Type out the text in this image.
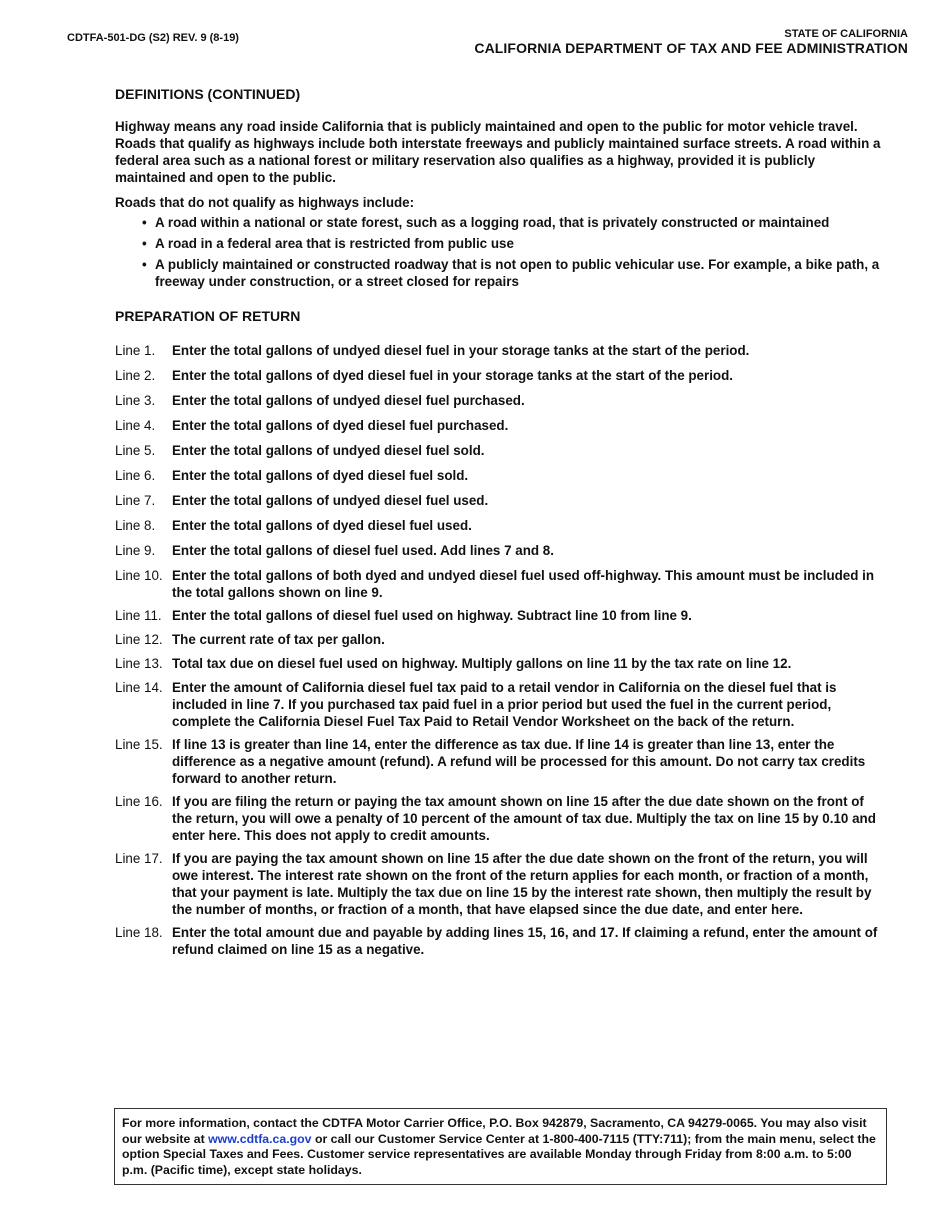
CDTFA-501-DG (S2) REV. 9 (8-19)	STATE OF CALIFORNIA
CALIFORNIA DEPARTMENT OF TAX AND FEE ADMINISTRATION
DEFINITIONS (CONTINUED)

Highway means any road inside California that is publicly maintained and open to the public for motor vehicle travel. Roads that qualify as highways include both interstate freeways and publicly maintained surface streets. A road within a federal area such as a national forest or military reservation also qualifies as a highway, provided it is publicly maintained and open to the public.

Roads that do not qualify as highways include:

• A road within a national or state forest, such as a logging road, that is privately constructed or maintained
• A road in a federal area that is restricted from public use
• A publicly maintained or constructed roadway that is not open to public vehicular use. For example, a bike path, a freeway under construction, or a street closed for repairs
PREPARATION OF RETURN
Line 1.	Enter the total gallons of undyed diesel fuel in your storage tanks at the start of the period.
Line 2.	Enter the total gallons of dyed diesel fuel in your storage tanks at the start of the period.
Line 3.	Enter the total gallons of undyed diesel fuel purchased.
Line 4.	Enter the total gallons of dyed diesel fuel purchased.
Line 5.	Enter the total gallons of undyed diesel fuel sold.
Line 6.	Enter the total gallons of dyed diesel fuel sold.
Line 7.	Enter the total gallons of undyed diesel fuel used.
Line 8.	Enter the total gallons of dyed diesel fuel used.
Line 9.	Enter the total gallons of diesel fuel used. Add lines 7 and 8.
Line 10. Enter the total gallons of both dyed and undyed diesel fuel used off-highway. This amount must be included in the total gallons shown on line 9.
Line 11. Enter the total gallons of diesel fuel used on highway. Subtract line 10 from line 9.
Line 12. The current rate of tax per gallon.
Line 13. Total tax due on diesel fuel used on highway. Multiply gallons on line 11 by the tax rate on line 12.
Line 14. Enter the amount of California diesel fuel tax paid to a retail vendor in California on the diesel fuel that is included in line 7. If you purchased tax paid fuel in a prior period but used the fuel in the current period, complete the California Diesel Fuel Tax Paid to Retail Vendor Worksheet on the back of the return.
Line 15. If line 13 is greater than line 14, enter the difference as tax due. If line 14 is greater than line 13, enter the difference as a negative amount (refund). A refund will be processed for this amount. Do not carry tax credits forward to another return.
Line 16. If you are filing the return or paying the tax amount shown on line 15 after the due date shown on the front of the return, you will owe a penalty of 10 percent of the amount of tax due. Multiply the tax on line 15 by 0.10 and enter here. This does not apply to credit amounts.
Line 17. If you are paying the tax amount shown on line 15 after the due date shown on the front of the return, you will owe interest. The interest rate shown on the front of the return applies for each month, or fraction of a month, that your payment is late. Multiply the tax due on line 15 by the interest rate shown, then multiply the result by the number of months, or fraction of a month, that have elapsed since the due date, and enter here.
Line 18. Enter the total amount due and payable by adding lines 15, 16, and 17. If claiming a refund, enter the amount of refund claimed on line 15 as a negative.

For more information, contact the CDTFA Motor Carrier Office, P.O. Box 942879, Sacramento, CA 94279-0065. You may also visit our website at www.cdtfa.ca.gov or call our Customer Service Center at 1-800-400-7115 (TTY:711); from the main menu, select the option Special Taxes and Fees. Customer service representatives are available Monday through Friday from 8:00 a.m. to 5:00 p.m. (Pacific time), except state holidays.
